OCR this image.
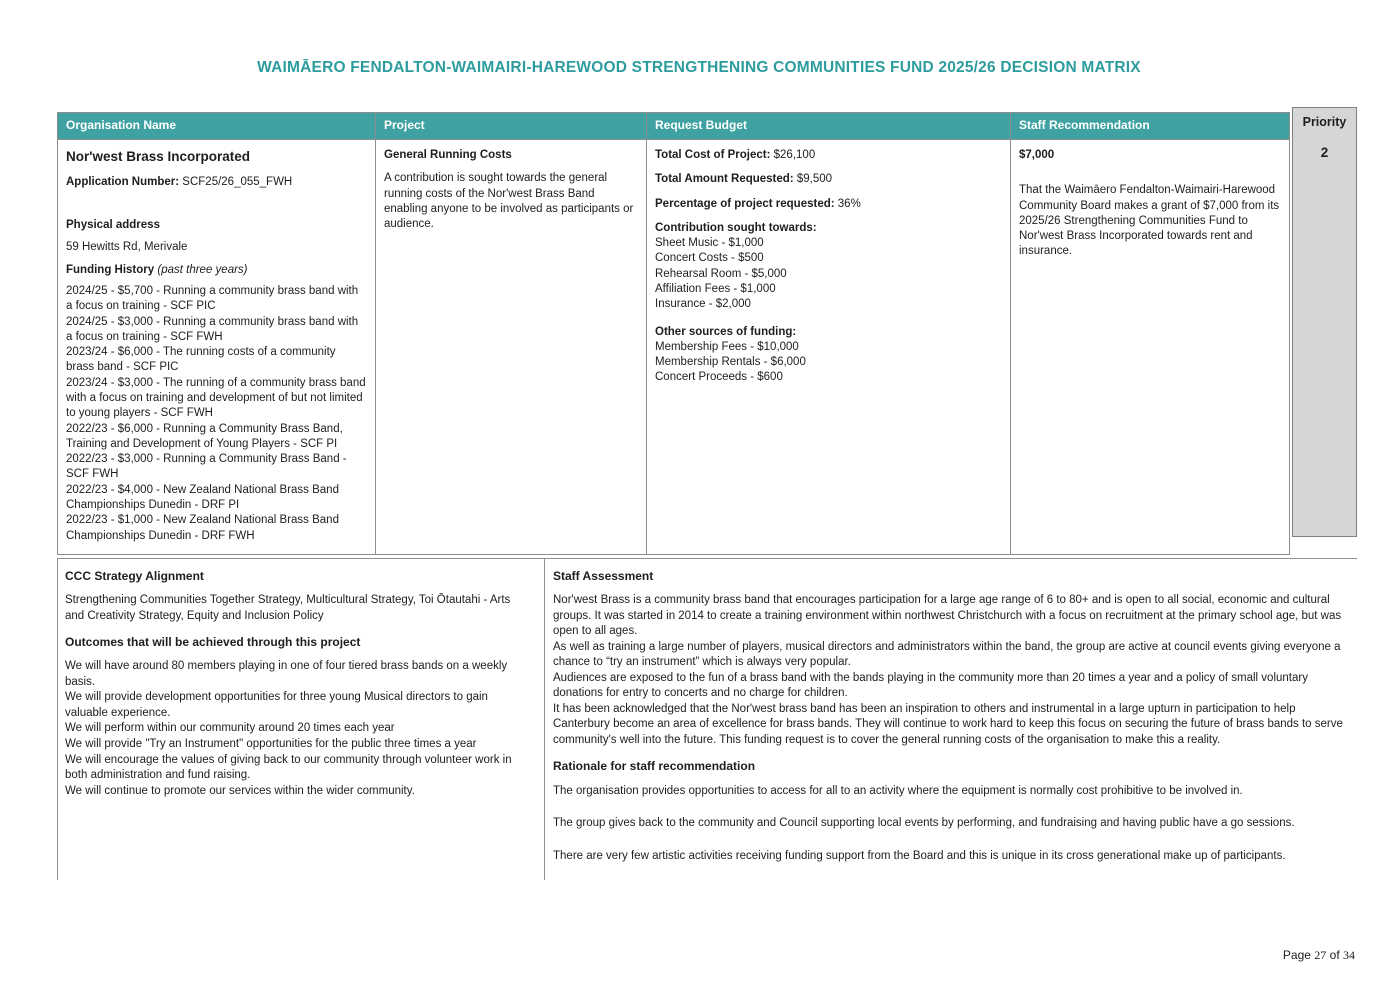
WAIMĀERO FENDALTON-WAIMAIRI-HAREWOOD STRENGTHENING COMMUNITIES FUND 2025/26 DECISION MATRIX
Priority
2
Organisation Name	Project	Request Budget	Staff Recommendation

Nor'west Brass Incorporated
Application Number: SCF25/26_055_FWH
Physical address
59 Hewitts Rd, Merivale
Funding History (past three years)
2024/25 - $5,700 - Running a community brass band with a focus on training - SCF PIC
2024/25 - $3,000 - Running a community brass band with a focus on training - SCF FWH
2023/24 - $6,000 - The running costs of a community brass band - SCF PIC
2023/24 - $3,000 - The running of a community brass band with a focus on training and development of but not limited to young players - SCF FWH
2022/23 - $6,000 - Running a Community Brass Band, Training and Development of Young Players - SCF PI
2022/23 - $3,000 - Running a Community Brass Band - SCF FWH
2022/23 - $4,000 - New Zealand National Brass Band Championships Dunedin - DRF PI
2022/23 - $1,000 - New Zealand National Brass Band Championships Dunedin - DRF FWH

General Running Costs
A contribution is sought towards the general running costs of the Nor'west Brass Band enabling anyone to be involved as participants or audience.

Total Cost of Project: $26,100
Total Amount Requested: $9,500
Percentage of project requested: 36%
Contribution sought towards:
Sheet Music - $1,000
Concert Costs - $500
Rehearsal Room - $5,000
Affiliation Fees - $1,000
Insurance - $2,000
Other sources of funding:
Membership Fees - $10,000
Membership Rentals - $6,000
Concert Proceeds - $600

$7,000
That the Waimāero Fendalton-Waimairi-Harewood Community Board makes a grant of $7,000 from its 2025/26 Strengthening Communities Fund to Nor'west Brass Incorporated towards rent and insurance.
CCC Strategy Alignment
Strengthening Communities Together Strategy, Multicultural Strategy, Toi Ōtautahi - Arts and Creativity Strategy, Equity and Inclusion Policy
Outcomes that will be achieved through this project
We will have around 80 members playing in one of four tiered brass bands on a weekly basis.
We will provide development opportunities for three young Musical directors to gain valuable experience.
We will perform within our community around 20 times each year
We will provide "Try an Instrument" opportunities for the public three times a year
We will encourage the values of giving back to our community through volunteer work in both administration and fund raising.
We will continue to promote our services within the wider community.
Staff Assessment
Nor'west Brass is a community brass band that encourages participation for a large age range of 6 to 80+ and is open to all social, economic and cultural groups. It was started in 2014 to create a training environment within northwest Christchurch with a focus on recruitment at the primary school age, but was open to all ages.
As well as training a large number of players, musical directors and administrators within the band, the group are active at council events giving everyone a chance to “try an instrument” which is always very popular.
Audiences are exposed to the fun of a brass band with the bands playing in the community more than 20 times a year and a policy of small voluntary donations for entry to concerts and no charge for children.
It has been acknowledged that the Nor'west brass band has been an inspiration to others and instrumental in a large upturn in participation to help Canterbury become an area of excellence for brass bands. They will continue to work hard to keep this focus on securing the future of brass bands to serve community's well into the future. This funding request is to cover the general running costs of the organisation to make this a reality.
Rationale for staff recommendation
The organisation provides opportunities to access for all to an activity where the equipment is normally cost prohibitive to be involved in.
The group gives back to the community and Council supporting local events by performing, and fundraising and having public have a go sessions.
There are very few artistic activities receiving funding support from the Board and this is unique in its cross generational make up of participants.
Page 27 of 34
